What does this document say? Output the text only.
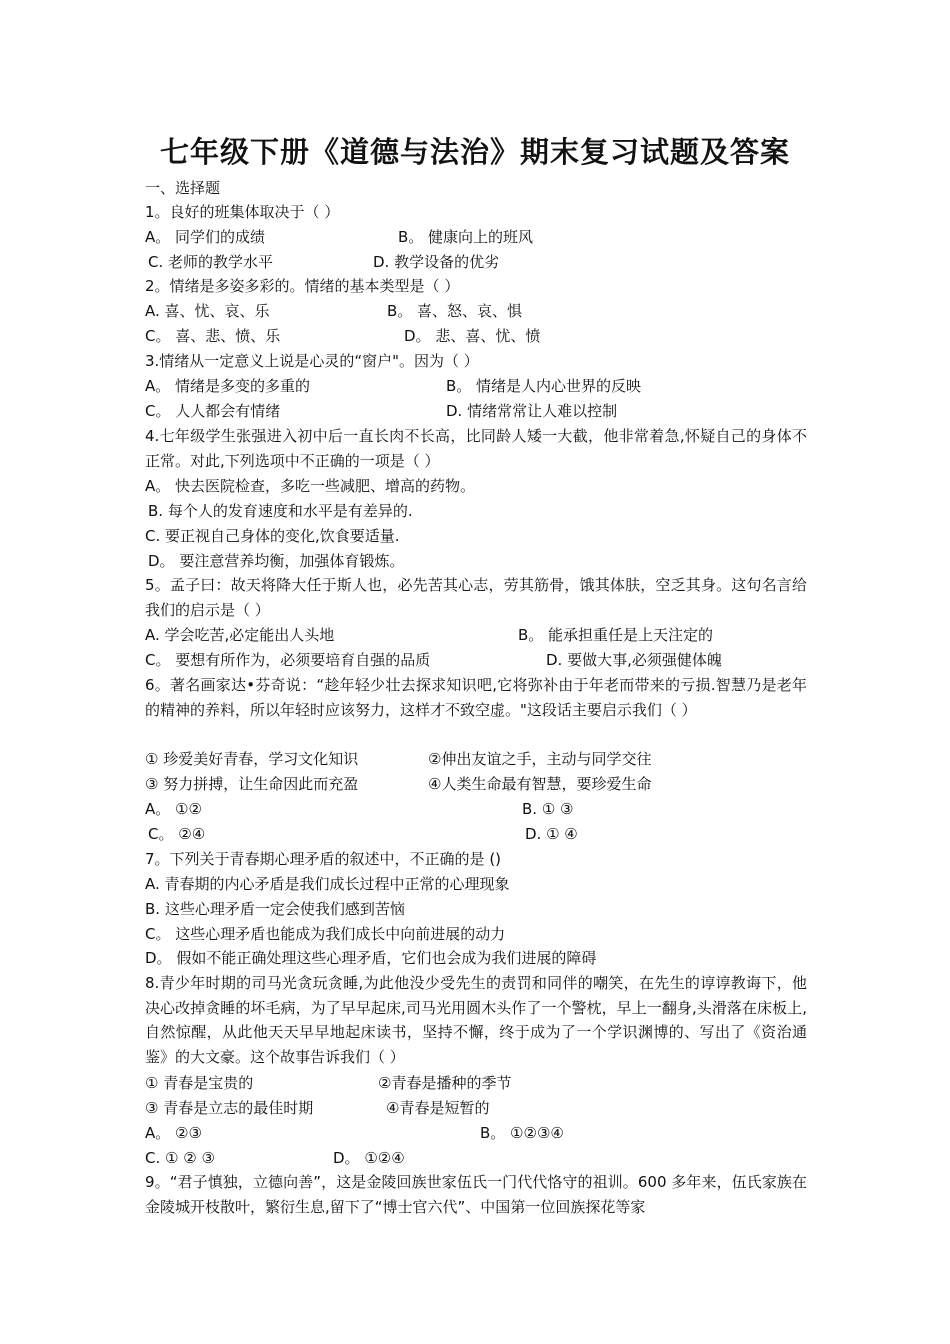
七年级下册《道德与法治》期末复习试题及答案
一、选择题
1。良好的班集体取决于（ ）
A。 同学们的成绩	B。 健康向上的班风
C. 老师的教学水平	D. 教学设备的优劣
2。情绪是多姿多彩的。情绪的基本类型是（ ）
A. 喜、忧、哀、乐	B。 喜、怒、哀、惧
C。 喜、悲、愤、乐	D。 悲、喜、忧、愤
3.情绪从一定意义上说是心灵的“窗户"。因为（ ）
A。 情绪是多变的多重的	B。 情绪是人内心世界的反映
C。 人人都会有情绪	D. 情绪常常让人难以控制
4.七年级学生张强进入初中后一直长肉不长高，比同龄人矮一大截，他非常着急,怀疑自己的身体不正常。对此,下列选项中不正确的一项是（ ）
A。 快去医院检查，多吃一些减肥、增高的药物。
B. 每个人的发育速度和水平是有差异的.
C. 要正视自己身体的变化,饮食要适量.
D。 要注意营养均衡，加强体育锻炼。
5。孟子曰：故天将降大任于斯人也，必先苦其心志，劳其筋骨，饿其体肤，空乏其身。这句名言给我们的启示是（ ）
A. 学会吃苦,必定能出人头地	B。 能承担重任是上天注定的
C。 要想有所作为，必须要培育自强的品质	D. 要做大事,必须强健体魄
6。著名画家达•芬奇说：“趁年轻少壮去探求知识吧,它将弥补由于年老而带来的亏损.智慧乃是老年的精神的养料，所以年轻时应该努力，这样才不致空虚。"这段话主要启示我们（ ）
① 珍爱美好青春，学习文化知识	②伸出友谊之手，主动与同学交往
③ 努力拼搏，让生命因此而充盈	④人类生命最有智慧，要珍爱生命
A。 ①②	B. ① ③
C。 ②④	D. ① ④
7。下列关于青春期心理矛盾的叙述中，不正确的是 ()
A. 青春期的内心矛盾是我们成长过程中正常的心理现象
B. 这些心理矛盾一定会使我们感到苦恼
C。 这些心理矛盾也能成为我们成长中向前进展的动力
D。 假如不能正确处理这些心理矛盾，它们也会成为我们进展的障碍
8.青少年时期的司马光贪玩贪睡,为此他没少受先生的责罚和同伴的嘲笑，在先生的谆谆教诲下，他决心改掉贪睡的坏毛病，为了早早起床,司马光用圆木头作了一个警枕，早上一翻身,头滑落在床板上,自然惊醒，从此他天天早早地起床读书，坚持不懈，终于成为了一个学识渊博的、写出了《资治通鉴》的大文豪。这个故事告诉我们（ ）
① 青春是宝贵的	②青春是播种的季节
③ 青春是立志的最佳时期	④青春是短暂的
A。 ②③	B。 ①②③④
C. ① ② ③	D。 ①②④
9。“君子慎独，立德向善”，这是金陵回族世家伍氏一门代代恪守的祖训。600 多年来，伍氏家族在金陵城开枝散叶，繁衍生息,留下了“博士官六代”、中国第一位回族探花等家
